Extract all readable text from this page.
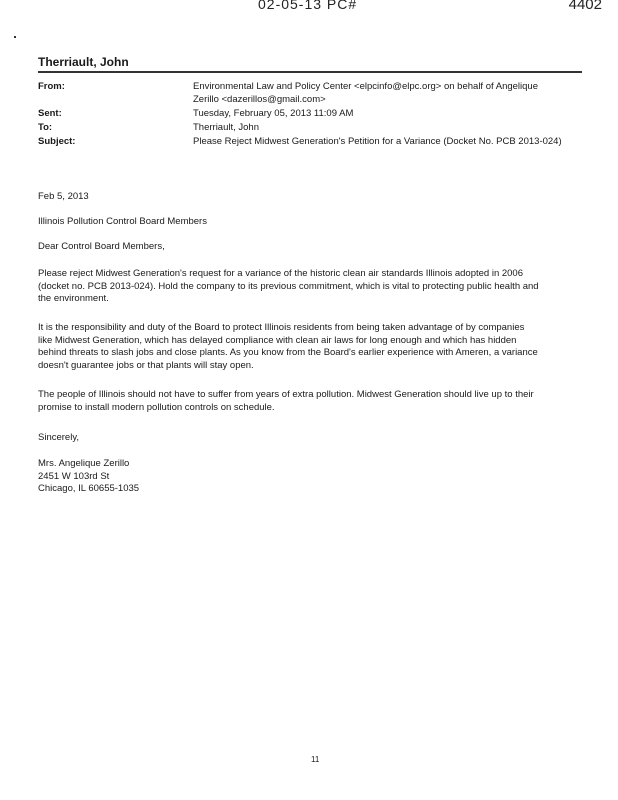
02-05-13 PC#	4402
Therriault, John
From:	Environmental Law and Policy Center <elpcinfo@elpc.org> on behalf of Angelique
Zerillo <dazerillos@gmail.com>
Sent:	Tuesday, February 05, 2013 11:09 AM
To:	Therriault, John
Subject:	Please Reject Midwest Generation's Petition for a Variance (Docket No. PCB 2013-024)
Feb 5, 2013
Illinois Pollution Control Board Members
Dear Control Board Members,
Please reject Midwest Generation's request for a variance of the historic clean air standards Illinois adopted in 2006
(docket no. PCB 2013-024). Hold the company to its previous commitment, which is vital to protecting public health and
the environment.
It is the responsibility and duty of the Board to protect Illinois residents from being taken advantage of by companies
like Midwest Generation, which has delayed compliance with clean air laws for long enough and which has hidden
behind threats to slash jobs and close plants. As you know from the Board's earlier experience with Ameren, a variance
doesn't guarantee jobs or that plants will stay open.
The people of Illinois should not have to suffer from years of extra pollution. Midwest Generation should live up to their
promise to install modern pollution controls on schedule.
Sincerely,
Mrs. Angelique Zerillo
2451 W 103rd St
Chicago, IL 60655-1035
11
